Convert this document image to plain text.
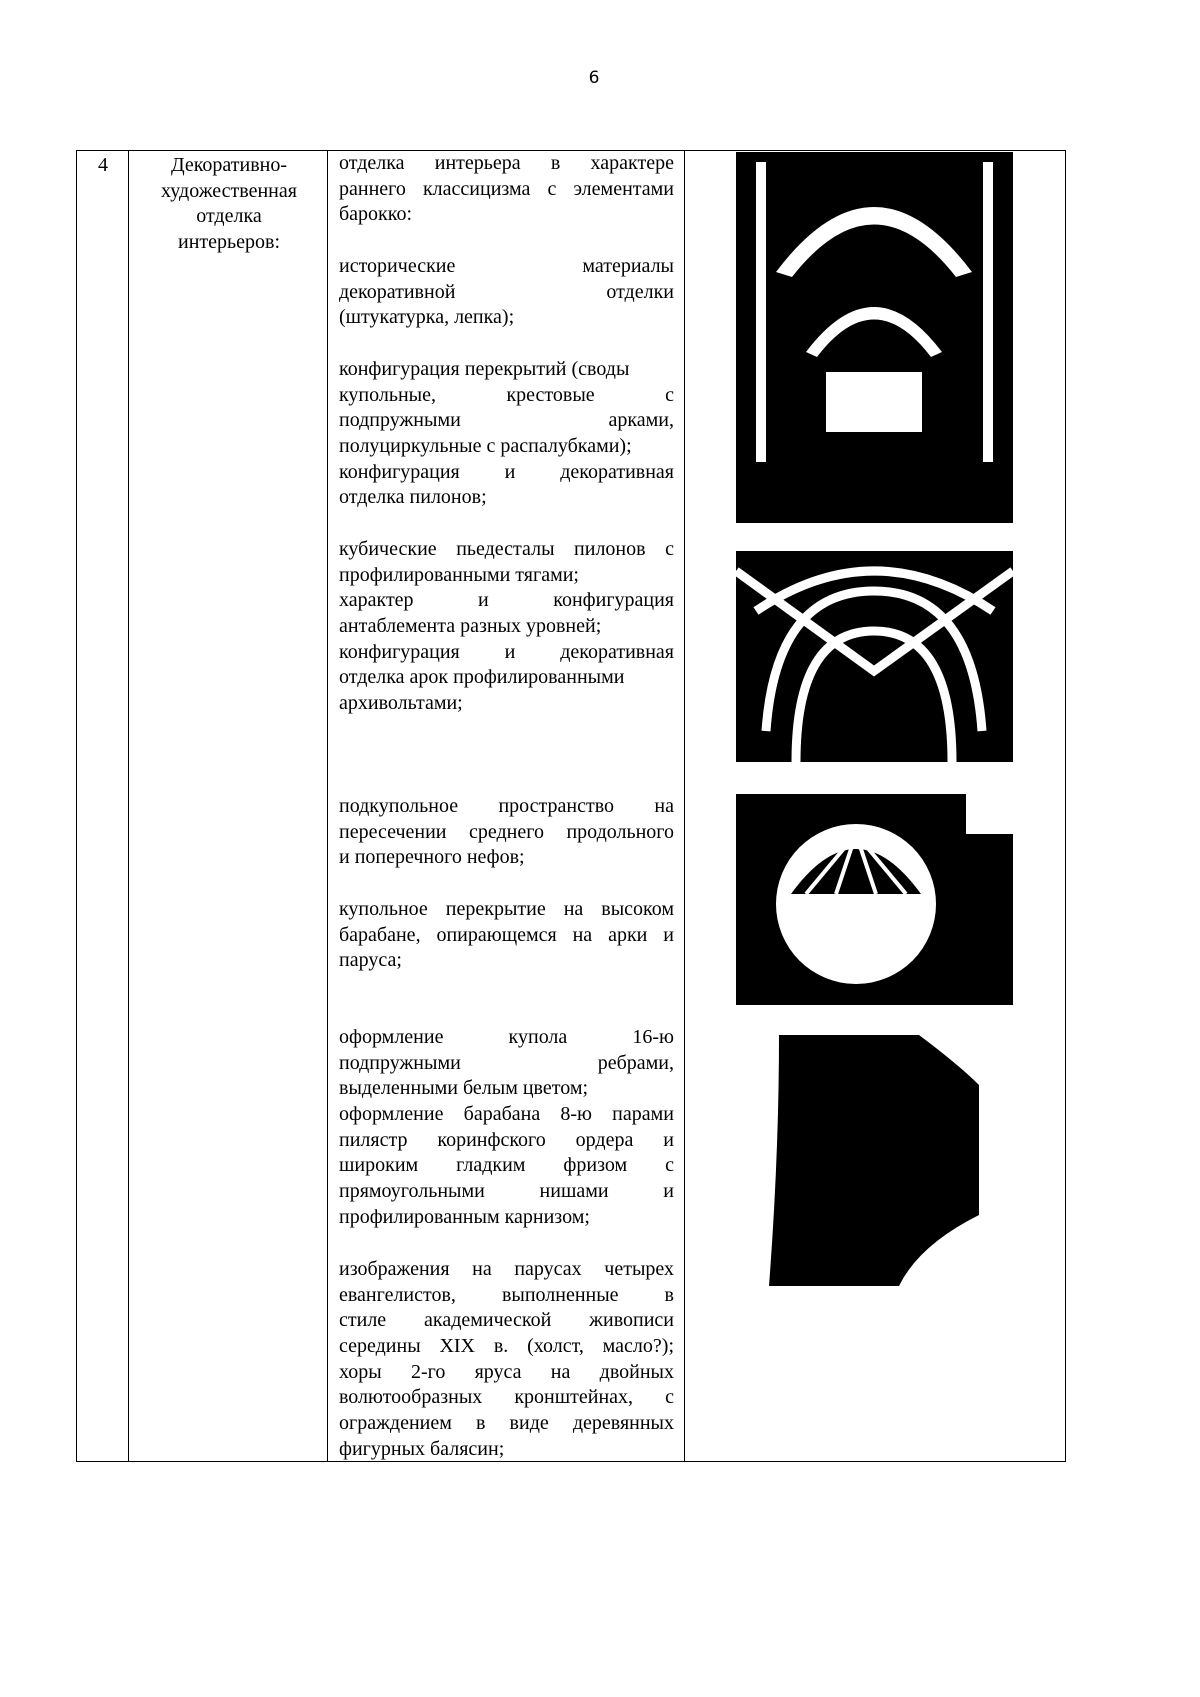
6
4	Декоративно-
художественная
отделка
интерьеров:
отделка интерьера в характере
раннего классицизма с элементами
барокко:
исторические материалы
декоративной отделки
(штукатурка, лепка);
конфигурация перекрытий (своды
купольные, крестовые с
подпружными арками,
полуциркульные с распалубками);
конфигурация и декоративная
отделка пилонов;
кубические пьедесталы пилонов с
профилированными тягами;
характер и конфигурация
антаблемента разных уровней;
конфигурация и декоративная
отделка арок профилированными
архивольтами;
подкупольное пространство на
пересечении среднего продольного
и поперечного нефов;
купольное перекрытие на высоком
барабане, опирающемся на арки и
паруса;
оформление купола 16-ю
подпружными ребрами,
выделенными белым цветом;
оформление барабана 8-ю парами
пилястр коринфского ордера и
широким гладким фризом с
прямоугольными нишами и
профилированным карнизом;
изображения на парусах четырех
евангелистов, выполненные в
стиле академической живописи
середины XIX в. (холст, масло?);
хоры 2-го яруса на двойных
волютообразных кронштейнах, с
ограждением в виде деревянных
фигурных балясин;
